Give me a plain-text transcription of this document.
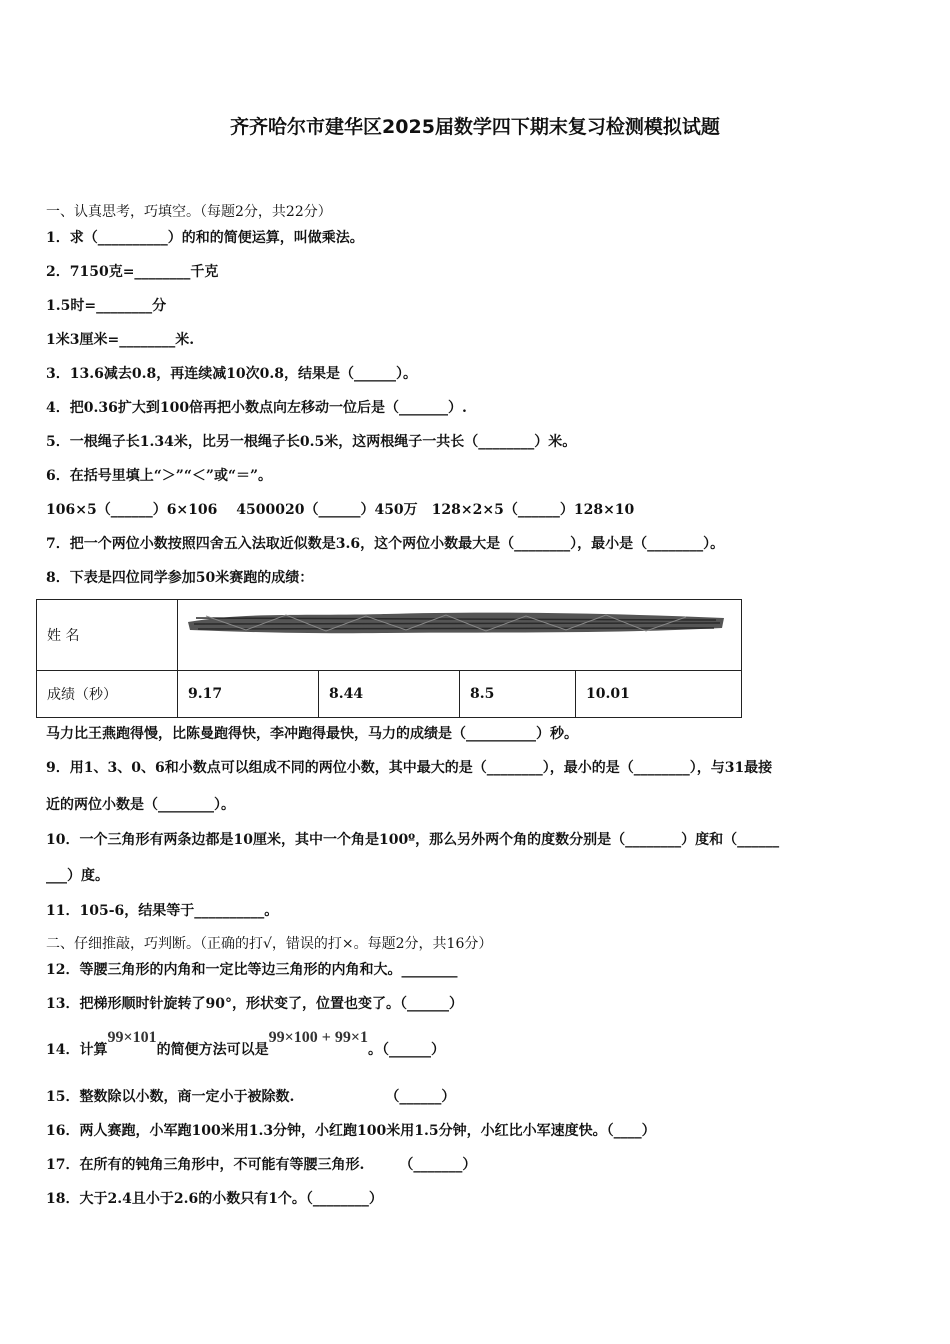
齐齐哈尔市建华区2025届数学四下期末复习检测模拟试题
一、认真思考，巧填空。（每题2分，共22分）
1．求（__________）的和的简便运算，叫做乘法。
2．7150克=________千克
1.5时=________分
1米3厘米=________米.
3．13.6减去0.8，再连续减10次0.8，结果是（______）。
4．把0.36扩大到100倍再把小数点向左移动一位后是（_______）.
5．一根绳子长1.34米，比另一根绳子长0.5米，这两根绳子一共长（________）米。
6．在括号里填上“＞”“＜”或“＝”。
106×5（______）6×106　 4500020（______）450万　128×2×5（______）128×10
7．把一个两位小数按照四舍五入法取近似数是3.6，这个两位小数最大是（________），最小是（________）。
8．下表是四位同学参加50米赛跑的成绩：
姓 名	

成绩（秒）	9.17	8.44	8.5	10.01
马力比王燕跑得慢，比陈曼跑得快，李冲跑得最快，马力的成绩是（__________）秒。
9．用1、3、0、6和小数点可以组成不同的两位小数，其中最大的是（________），最小的是（________），与31最接
近的两位小数是（________）。
10．一个三角形有两条边都是10厘米，其中一个角是100º，那么另外两个角的度数分别是（________）度和（______
___）度。
11．105-6，结果等于__________。
二、仔细推敲，巧判断。（正确的打√，错误的打×。每题2分，共16分）
12．等腰三角形的内角和一定比等边三角形的内角和大。________
13．把梯形顺时针旋转了90°，形状变了，位置也变了。（______）
14．计算99×101的简便方法可以是99×100 + 99×1。（______）
15．整数除以小数，商一定小于被除数.　　　　　　　（______）
16．两人赛跑，小军跑100米用1.3分钟，小红跑100米用1.5分钟，小红比小军速度快。（____）
17．在所有的钝角三角形中，不可能有等腰三角形.　　　（_______）
18．大于2.4且小于2.6的小数只有1个。（________）
